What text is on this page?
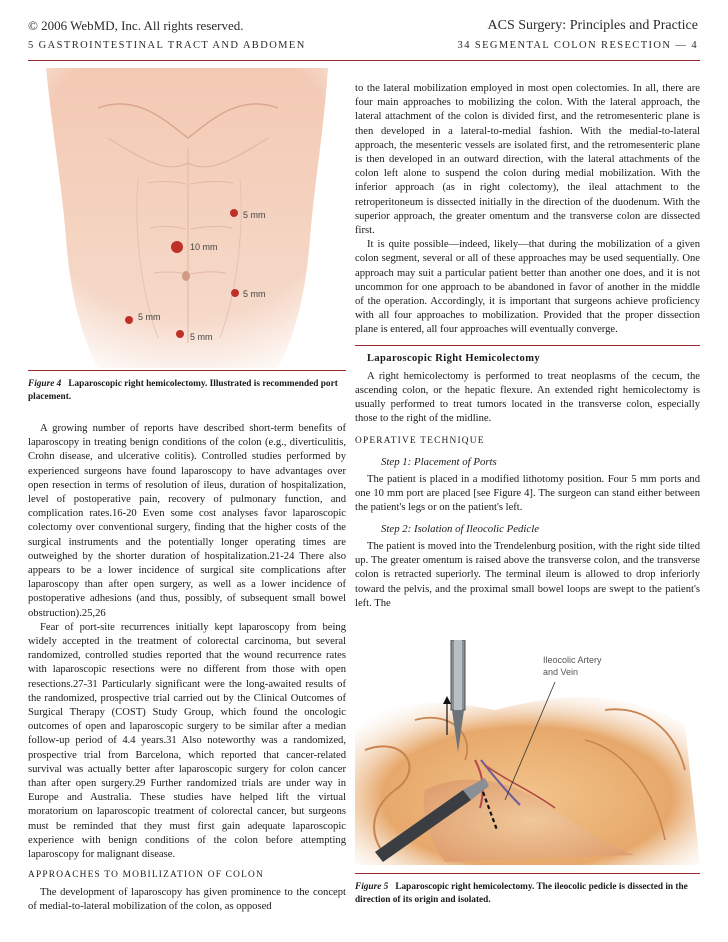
© 2006 WebMD, Inc. All rights reserved.
5 GASTROINTESTINAL TRACT AND ABDOMEN
ACS Surgery: Principles and Practice
34 SEGMENTAL COLON RESECTION — 4
5 mm
10 mm
5 mm
5 mm
5 mm
Figure 4 Laparoscopic right hemicolectomy. Illustrated is recommended port placement.

A growing number of reports have described short-term benefits of laparoscopy in treating benign conditions of the colon (e.g., diverticulitis, Crohn disease, and ulcerative colitis). Controlled studies performed by experienced surgeons have found laparoscopy to have advantages over open resection in terms of resolution of ileus, duration of hospitalization, level of postoperative pain, recovery of pulmonary function, and complication rates.16-20 Even some cost analyses favor laparoscopic colectomy over conventional surgery, finding that the higher costs of the surgical instruments and the potentially longer operating times are outweighed by the shorter duration of hospitalization.21-24 There also appears to be a lower incidence of surgical site complications after laparoscopy than after open surgery, as well as a lower incidence of postoperative adhesions (and thus, possibly, of subsequent small bowel obstruction).25,26

Fear of port-site recurrences initially kept laparoscopy from being widely accepted in the treatment of colorectal carcinoma, but several randomized, controlled studies reported that the wound recurrence rates with laparoscopic resections were no different from those with open resections.27-31 Particularly significant were the long-awaited results of the randomized, prospective trial carried out by the Clinical Outcomes of Surgical Therapy (COST) Study Group, which found the oncologic outcomes of open and laparoscopic surgery to be similar after a median follow-up period of 4.4 years.31 Also noteworthy was a randomized, prospective trial from Barcelona, which reported that cancer-related survival was actually better after laparoscopic surgery for colon cancer than after open surgery.29 Further randomized trials are under way in Europe and Australia. These studies have helped lift the virtual moratorium on laparoscopic treatment of colorectal cancer, but surgeons must be reminded that they must first gain adequate laparoscopic experience with benign conditions of the colon before attempting laparoscopy for malignant disease.

APPROACHES TO MOBILIZATION OF COLON

The development of laparoscopy has given prominence to the concept of medial-to-lateral mobilization of the colon, as opposed

to the lateral mobilization employed in most open colectomies. In all, there are four main approaches to mobilizing the colon. With the lateral approach, the lateral attachment of the colon is divided first, and the retromesenteric plane is then developed in a lateral-to-medial fashion. With the medial-to-lateral approach, the mesenteric vessels are isolated first, and the retromesenteric plane is then developed in an outward direction, with the lateral attachments of the colon left alone to suspend the colon during medial mobilization. With the inferior approach (as in right colectomy), the ileal attachment to the retroperitoneum is dissected initially in the direction of the duodenum. With the superior approach, the greater omentum and the transverse colon are dissected first.

It is quite possible—indeed, likely—that during the mobilization of a given colon segment, several or all of these approaches may be used sequentially. One approach may suit a particular patient better than another one does, and it is not uncommon for one approach to be abandoned in favor of another in the middle of the operation. Accordingly, it is important that surgeons achieve proficiency with all four approaches to mobilization. Provided that the proper dissection plane is entered, all four approaches will eventually converge.

Laparoscopic Right Hemicolectomy

A right hemicolectomy is performed to treat neoplasms of the cecum, the ascending colon, or the hepatic flexure. An extended right hemicolectomy is usually performed to treat tumors located in the transverse colon, especially those to the right of the midline.

OPERATIVE TECHNIQUE

Step 1: Placement of Ports

The patient is placed in a modified lithotomy position. Four 5 mm ports and one 10 mm port are placed [see Figure 4]. The surgeon can stand either between the patient's legs or on the patient's left.

Step 2: Isolation of Ileocolic Pedicle

The patient is moved into the Trendelenburg position, with the right side tilted up. The greater omentum is raised above the transverse colon, and the transverse colon is retracted superiorly. The terminal ileum is allowed to drop inferiorly toward the pelvis, and the proximal small bowel loops are swept to the patient's left. The

Ileocolic Artery
and Vein
Figure 5 Laparoscopic right hemicolectomy. The ileocolic pedicle is dissected in the direction of its origin and isolated.
